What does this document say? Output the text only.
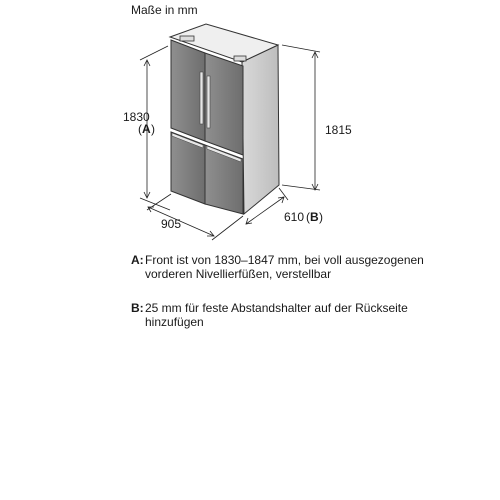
Maße in mm
1830
( A )	1815
905	610 ( B )
A: Front ist von 1830–1847 mm, bei voll ausgezogenen vorderen Nivellierfüßen, verstellbar
B: 25 mm für feste Abstandshalter auf der Rückseite hinzufügen
